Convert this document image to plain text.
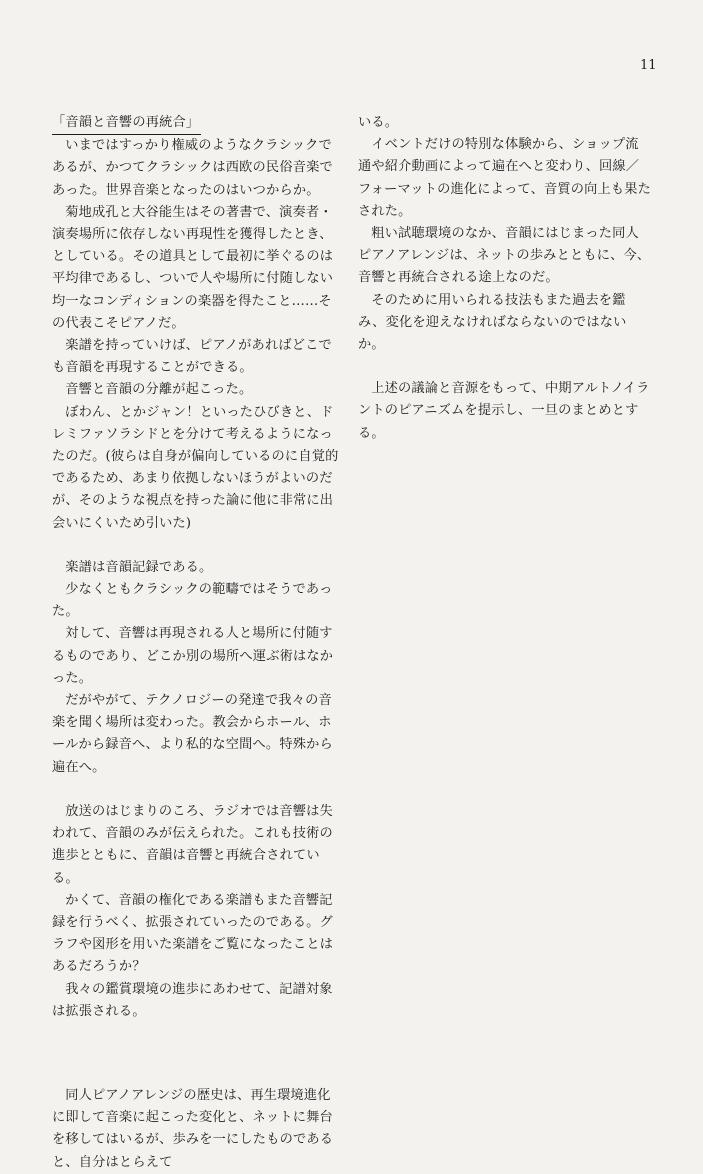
11
「音韻と音響の再統合」

いまではすっかり権威のようなクラシックであるが、かつてクラシックは西欧の民俗音楽であった。世界音楽となったのはいつからか。

菊地成孔と大谷能生はその著書で、演奏者・演奏場所に依存しない再現性を獲得したとき、としている。その道具として最初に挙ぐるのは平均律であるし、ついで人や場所に付随しない均一なコンディションの楽器を得たこと……その代表こそピアノだ。

楽譜を持っていけば、ピアノがあればどこでも音韻を再現することができる。

音響と音韻の分離が起こった。

ぼわん、とかジャン！といったひびきと、ドレミファソラシドとを分けて考えるようになったのだ。(彼らは自身が偏向しているのに自覚的であるため、あまり依拠しないほうがよいのだが、そのような視点を持った論に他に非常に出会いにくいため引いた)

楽譜は音韻記録である。

少なくともクラシックの範疇ではそうであった。

対して、音響は再現される人と場所に付随するものであり、どこか別の場所へ運ぶ術はなかった。

だがやがて、テクノロジーの発達で我々の音楽を聞く場所は変わった。教会からホール、ホールから録音へ、より私的な空間へ。特殊から遍在へ。

放送のはじまりのころ、ラジオでは音響は失われて、音韻のみが伝えられた。これも技術の進歩とともに、音韻は音響と再統合されている。

かくて、音韻の権化である楽譜もまた音響記録を行うべく、拡張されていったのである。グラフや図形を用いた楽譜をご覧になったことはあるだろうか？

我々の鑑賞環境の進歩にあわせて、記譜対象は拡張される。

同人ピアノアレンジの歴史は、再生環境進化に即して音楽に起こった変化と、ネットに舞台を移してはいるが、歩みを一にしたものであると、自分はとらえて

いる。

イベントだけの特別な体験から、ショップ流通や紹介動画によって遍在へと変わり、回線／フォーマットの進化によって、音質の向上も果たされた。

粗い試聴環境のなか、音韻にはじまった同人ピアノアレンジは、ネットの歩みとともに、今、音響と再統合される途上なのだ。

そのために用いられる技法もまた過去を鑑み、変化を迎えなければならないのではないか。

上述の議論と音源をもって、中期アルトノイラントのピアニズムを提示し、一旦のまとめとする。
